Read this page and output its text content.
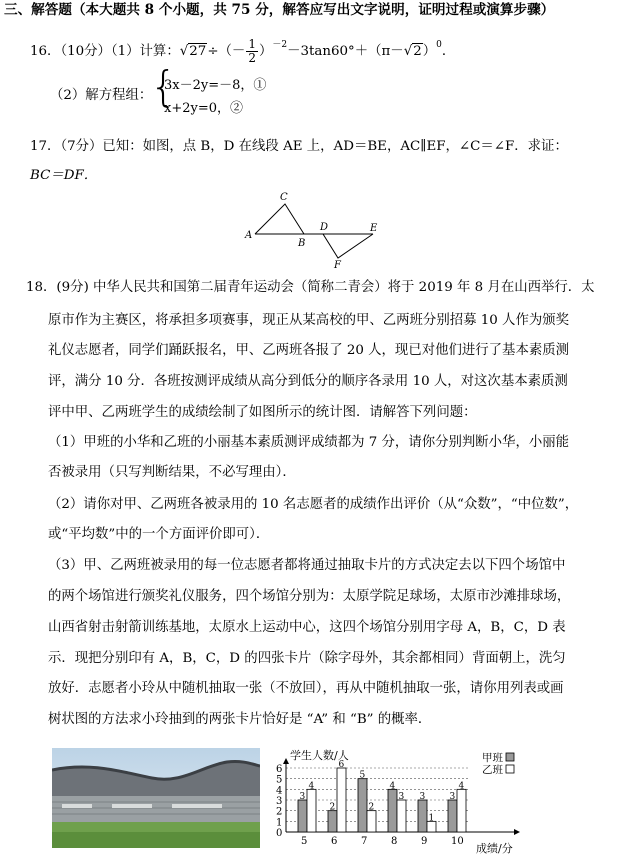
三、解答题（本大题共 8 个小题，共 75 分，解答应写出文字说明，证明过程或演算步骤）
16．（10分）（1）计算：$√27\div(- \frac{1}{2} )^{-2}-3\tan 60^\circ+(\pi-√2)^0$．
（2）解方程组：
{
3x－2y=－8，①
x+2y=0，②
17．（7分）已知：如图，点 B，D 在线段 AE 上，AD＝BE，AC∥EF，∠C＝∠F．求证：
BC＝DF．
C
A
B
D	E
F
18．(9分) 中华人民共和国第二届青年运动会（简称二青会）将于 2019 年 8 月在山西举行．太
原市作为主赛区，将承担多项赛事，现正从某高校的甲、乙两班分别招募 10 人作为颁奖
礼仪志愿者，同学们踊跃报名，甲、乙两班各报了 20 人，现已对他们进行了基本素质测
评，满分 10 分．各班按测评成绩从高分到低分的顺序各录用 10 人，对这次基本素质测
评中甲、乙两班学生的成绩绘制了如图所示的统计图．请解答下列问题：
（1）甲班的小华和乙班的小丽基本素质测评成绩都为 7 分，请你分别判断小华，小丽能
否被录用（只写判断结果，不必写理由）．
（2）请你对甲、乙两班各被录用的 10 名志愿者的成绩作出评价（从“众数”，“中位数”，
或“平均数”中的一个方面评价即可）．
（3）甲、乙两班被录用的每一位志愿者都将通过抽取卡片的方式决定去以下四个场馆中
的两个场馆进行颁奖礼仪服务，四个场馆分别为：太原学院足球场，太原市沙滩排球场，
山西省射击射箭训练基地，太原水上运动中心，这四个场馆分别用字母 A，B，C，D 表
示．现把分别印有 A，B，C，D 的四张卡片（除字母外，其余都相同）背面朝上，洗匀
放好．志愿者小玲从中随机抽取一张（不放回），再从中随机抽取一张，请你用列表或画
树状图的方法求小玲抽到的两张卡片恰好是 “A” 和 “B” 的概率．
学生人数/人
成绩/分
0
1
2
3
4
5
6
3
4
2
6
5
2
4
3 3
1
3
4
5 6 7 8 9 10
甲班
乙班
